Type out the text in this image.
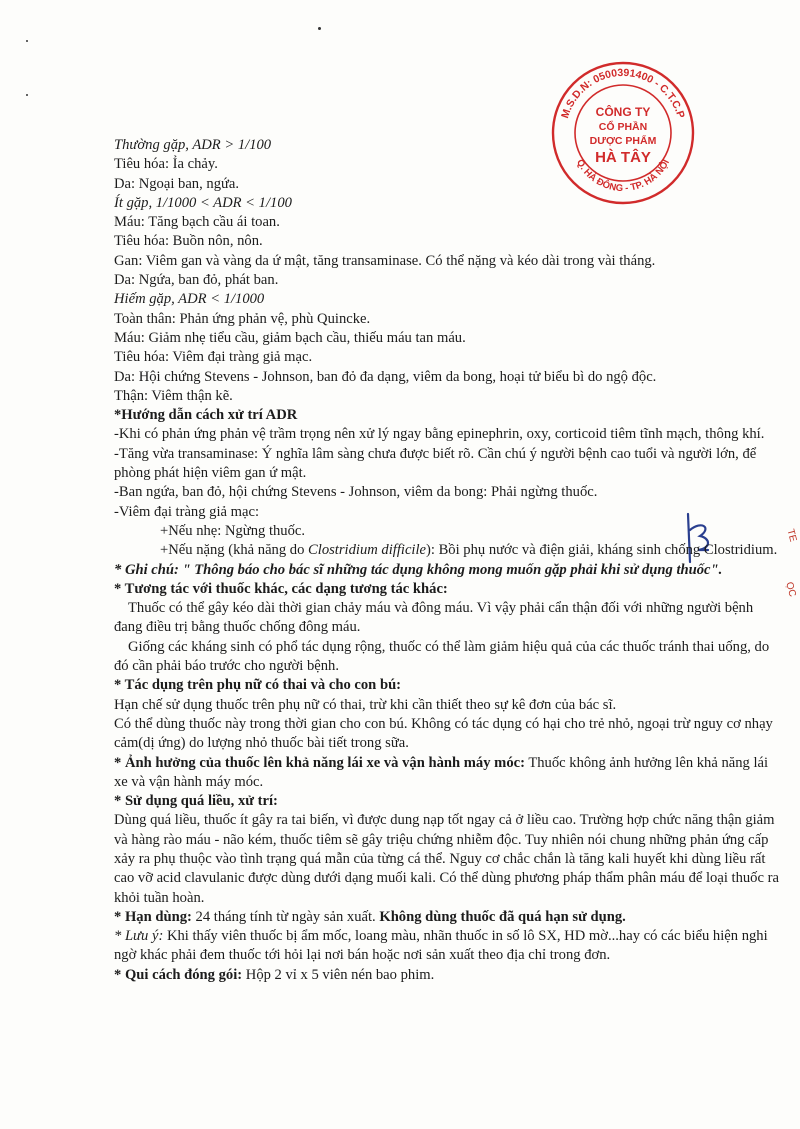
M.S.D.N: 0500391400 - C.T.C.P
Q. HÀ ĐÔNG - TP. HÀ NỘI
CÔNG TY
CỔ PHẦN
DƯỢC PHẨM
HÀ TÂY
TE
ỌC

Thường gặp, ADR > 1/100

Tiêu hóa: Ỉa chảy.

Da: Ngoại ban, ngứa.

Ít gặp, 1/1000 < ADR < 1/100

Máu: Tăng bạch cầu ái toan.

Tiêu hóa: Buồn nôn, nôn.

Gan: Viêm gan và vàng da ứ mật, tăng transaminase. Có thể nặng và kéo dài trong vài tháng.

Da: Ngứa, ban đỏ, phát ban.

Hiếm gặp, ADR < 1/1000

Toàn thân: Phản ứng phản vệ, phù Quincke.

Máu: Giảm nhẹ tiểu cầu, giảm bạch cầu, thiếu máu tan máu.

Tiêu hóa: Viêm đại tràng giả mạc.

Da: Hội chứng Stevens - Johnson, ban đỏ đa dạng, viêm da bong, hoại tử biểu bì do ngộ độc.

Thận: Viêm thận kẽ.

*Hướng dẫn cách xử trí ADR

-Khi có phản ứng phản vệ trầm trọng nên xử lý ngay bằng epinephrin, oxy, corticoid tiêm tĩnh mạch, thông khí.

-Tăng vừa transaminase: Ý nghĩa lâm sàng chưa được biết rõ. Cần chú ý người bệnh cao tuổi và người lớn, để phòng phát hiện viêm gan ứ mật.

-Ban ngứa, ban đỏ, hội chứng Stevens - Johnson, viêm da bong: Phải ngừng thuốc.

-Viêm đại tràng giả mạc:

+Nếu nhẹ: Ngừng thuốc.

+Nếu nặng (khả năng do Clostridium difficile): Bồi phụ nước và điện giải, kháng sinh chống Clostridium.

* Ghi chú: " Thông báo cho bác sĩ những tác dụng không mong muốn gặp phải khi sử dụng thuốc".

* Tương tác với thuốc khác, các dạng tương tác khác:

Thuốc có thể gây kéo dài thời gian chảy máu và đông máu. Vì vậy phải cẩn thận đối với những người bệnh đang điều trị bằng thuốc chống đông máu.

Giống các kháng sinh có phổ tác dụng rộng, thuốc có thể làm giảm hiệu quả của các thuốc tránh thai uống, do đó cần phải báo trước cho người bệnh.

* Tác dụng trên phụ nữ có thai và cho con bú:

Hạn chế sử dụng thuốc trên phụ nữ có thai, trừ khi cần thiết theo sự kê đơn của bác sĩ.

Có thể dùng thuốc này trong thời gian cho con bú. Không có tác dụng có hại cho trẻ nhỏ, ngoại trừ nguy cơ nhạy cảm(dị ứng) do lượng nhỏ thuốc bài tiết trong sữa.

* Ảnh hưởng của thuốc lên khả năng lái xe và vận hành máy móc: Thuốc không ảnh hưởng lên khả năng lái xe và vận hành máy móc.

* Sử dụng quá liều, xử trí:

Dùng quá liều, thuốc ít gây ra tai biến, vì được dung nạp tốt ngay cả ở liều cao. Trường hợp chức năng thận giảm và hàng rào máu - não kém, thuốc tiêm sẽ gây triệu chứng nhiễm độc. Tuy nhiên nói chung những phản ứng cấp xảy ra phụ thuộc vào tình trạng quá mẫn của từng cá thể. Nguy cơ chắc chắn là tăng kali huyết khi dùng liều rất cao vỡ acid clavulanic được dùng dưới dạng muối kali. Có thể dùng phương pháp thẩm phân máu để loại thuốc ra khỏi tuần hoàn.

* Hạn dùng: 24 tháng tính từ ngày sản xuất. Không dùng thuốc đã quá hạn sử dụng.

* Lưu ý: Khi thấy viên thuốc bị ẩm mốc, loang màu, nhãn thuốc in số lô SX, HD mờ...hay có các biểu hiện nghi ngờ khác phải đem thuốc tới hỏi lại nơi bán hoặc nơi sản xuất theo địa chỉ trong đơn.

* Qui cách đóng gói: Hộp 2 vỉ x 5 viên nén bao phim.
